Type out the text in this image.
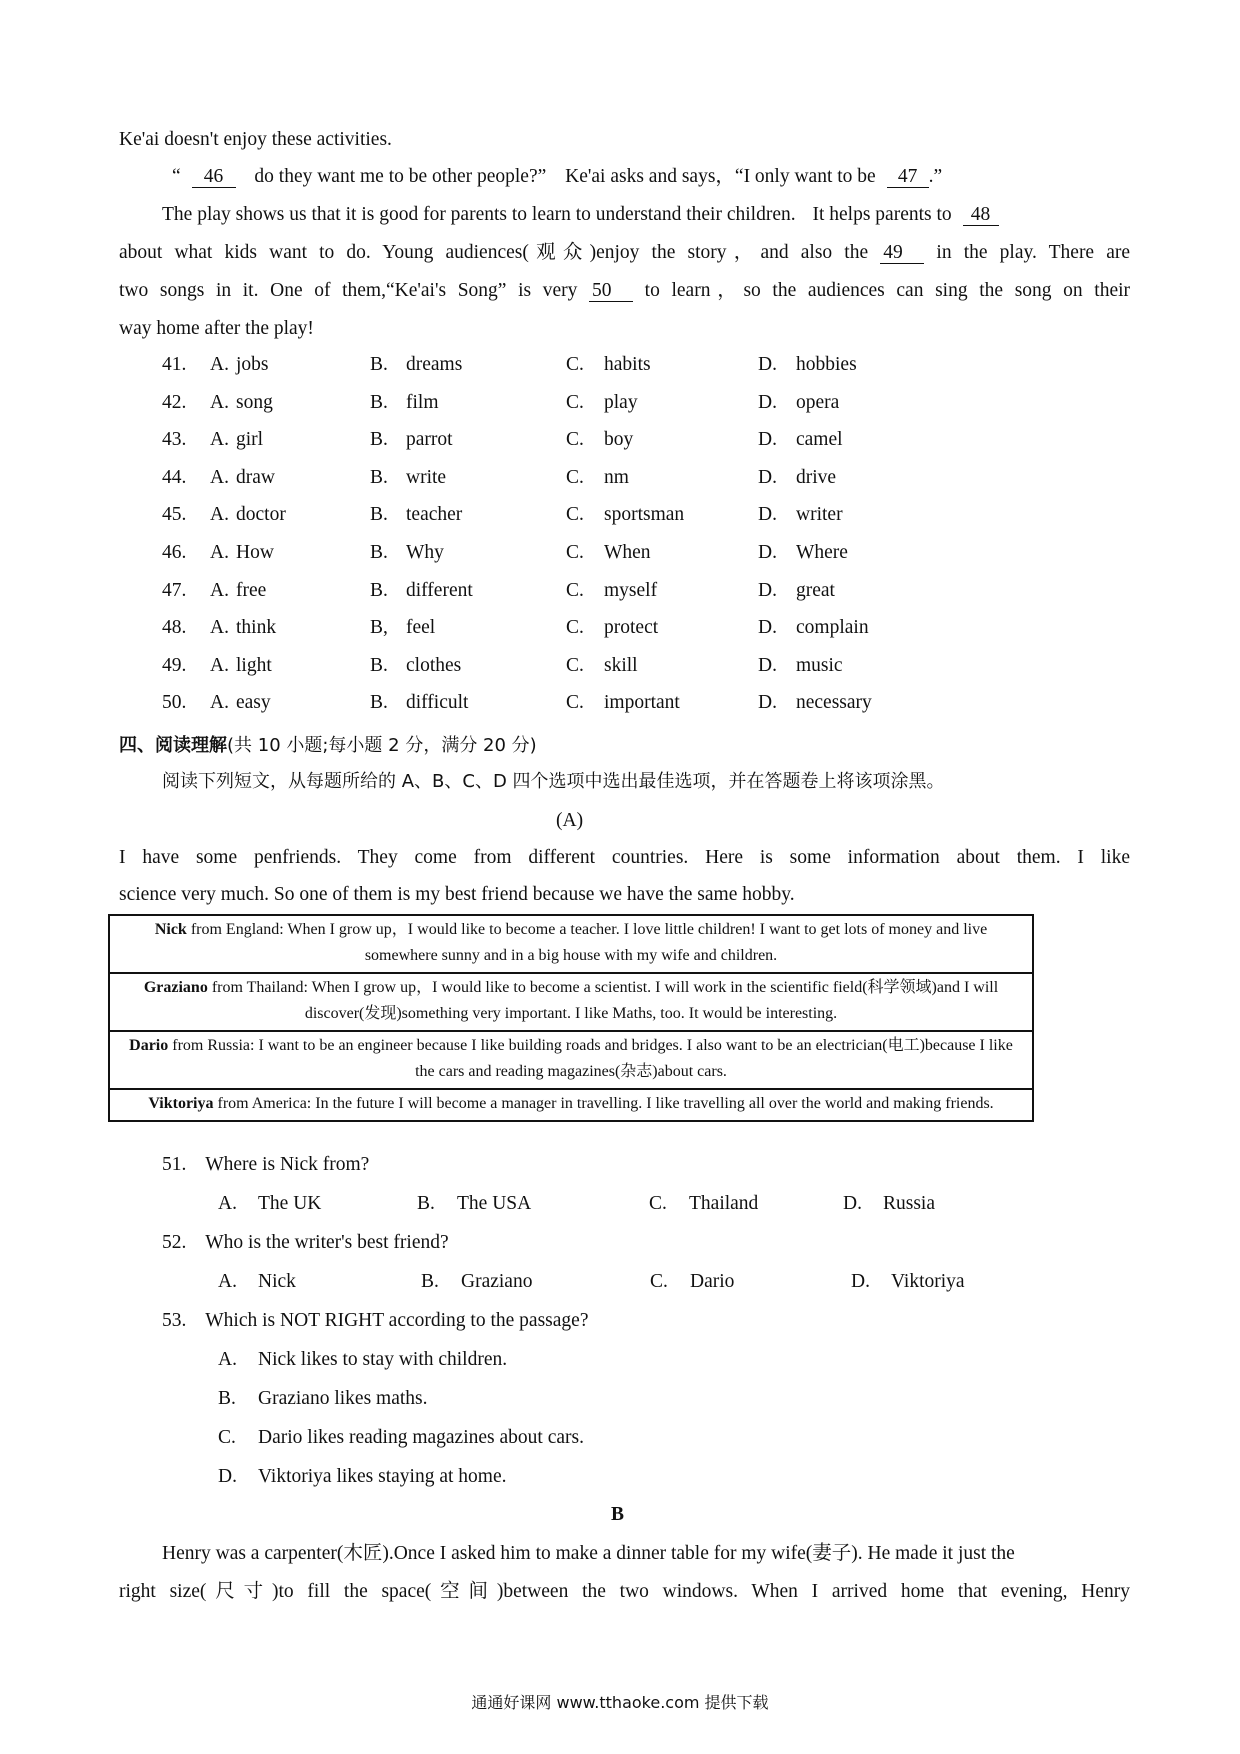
Ke'ai doesn't enjoy these activities.
“ 46 do they want me to be other people?” Ke'ai asks and says，“I only want to be 47 .”
The play shows us that it is good for parents to learn to understand their children. It helps parents to 48
about what kids want to do. Young audiences(观众)enjoy the story，and also the 49 in the play. There are
two songs in it. One of them,“Ke'ai's Song” is very 50 to learn，so the audiences can sing the song on their
way home after the play!
41. A. jobs	B. dreams	C. habits	D. hobbies
42. A. song	B. film	C. play	D. opera
43. A. girl	B. parrot	C. boy	D. camel
44. A. draw	B. write	C. nm	D. drive
45. A. doctor	B. teacher	C. sportsman	D. writer
46. A. How	B. Why	C. When	D. Where
47. A. free	B. different	C. myself	D. great
48. A. think	B, feel	C. protect	D. complain
49. A. light	B. clothes	C. skill	D. music
50. A. easy	B. difficult	C. important	D. necessary
四、阅读理解(共 10 小题;每小题 2 分，满分 20 分)
阅读下列短文，从每题所给的 A、B、C、D 四个选项中选出最佳选项，并在答题卷上将该项涂黑。
(A)
I have some penfriends. They come from different countries. Here is some information about them. I like
science very much. So one of them is my best friend because we have the same hobby.
Nick from England: When I grow up，I would like to become a teacher. I love little children! I want to get lots of money and live somewhere sunny and in a big house with my wife and children.
Graziano from Thailand: When I grow up，I would like to become a scientist. I will work in the scientific field(科学领域)and I will discover(发现)something very important. I like Maths, too. It would be interesting.
Dario from Russia: I want to be an engineer because I like building roads and bridges. I also want to be an electrician(电工)because I like the cars and reading magazines(杂志)about cars.
Viktoriya from America: In the future I will become a manager in travelling. I like travelling all over the world and making friends.
51. Where is Nick from?
A. The UK	B. The USA	C. Thailand	D. Russia
52. Who is the writer's best friend?
A. Nick	B. Graziano	C. Dario	D. Viktoriya
53. Which is NOT RIGHT according to the passage?
A. Nick likes to stay with children.
B. Graziano likes maths.
C. Dario likes reading magazines about cars.
D. Viktoriya likes staying at home.
B
Henry was a carpenter(木匠).Once I asked him to make a dinner table for my wife(妻子). He made it just the
right size(尺寸)to fill the space(空间)between the two windows. When I arrived home that evening, Henry
通通好课网 www.tthaoke.com 提供下载
